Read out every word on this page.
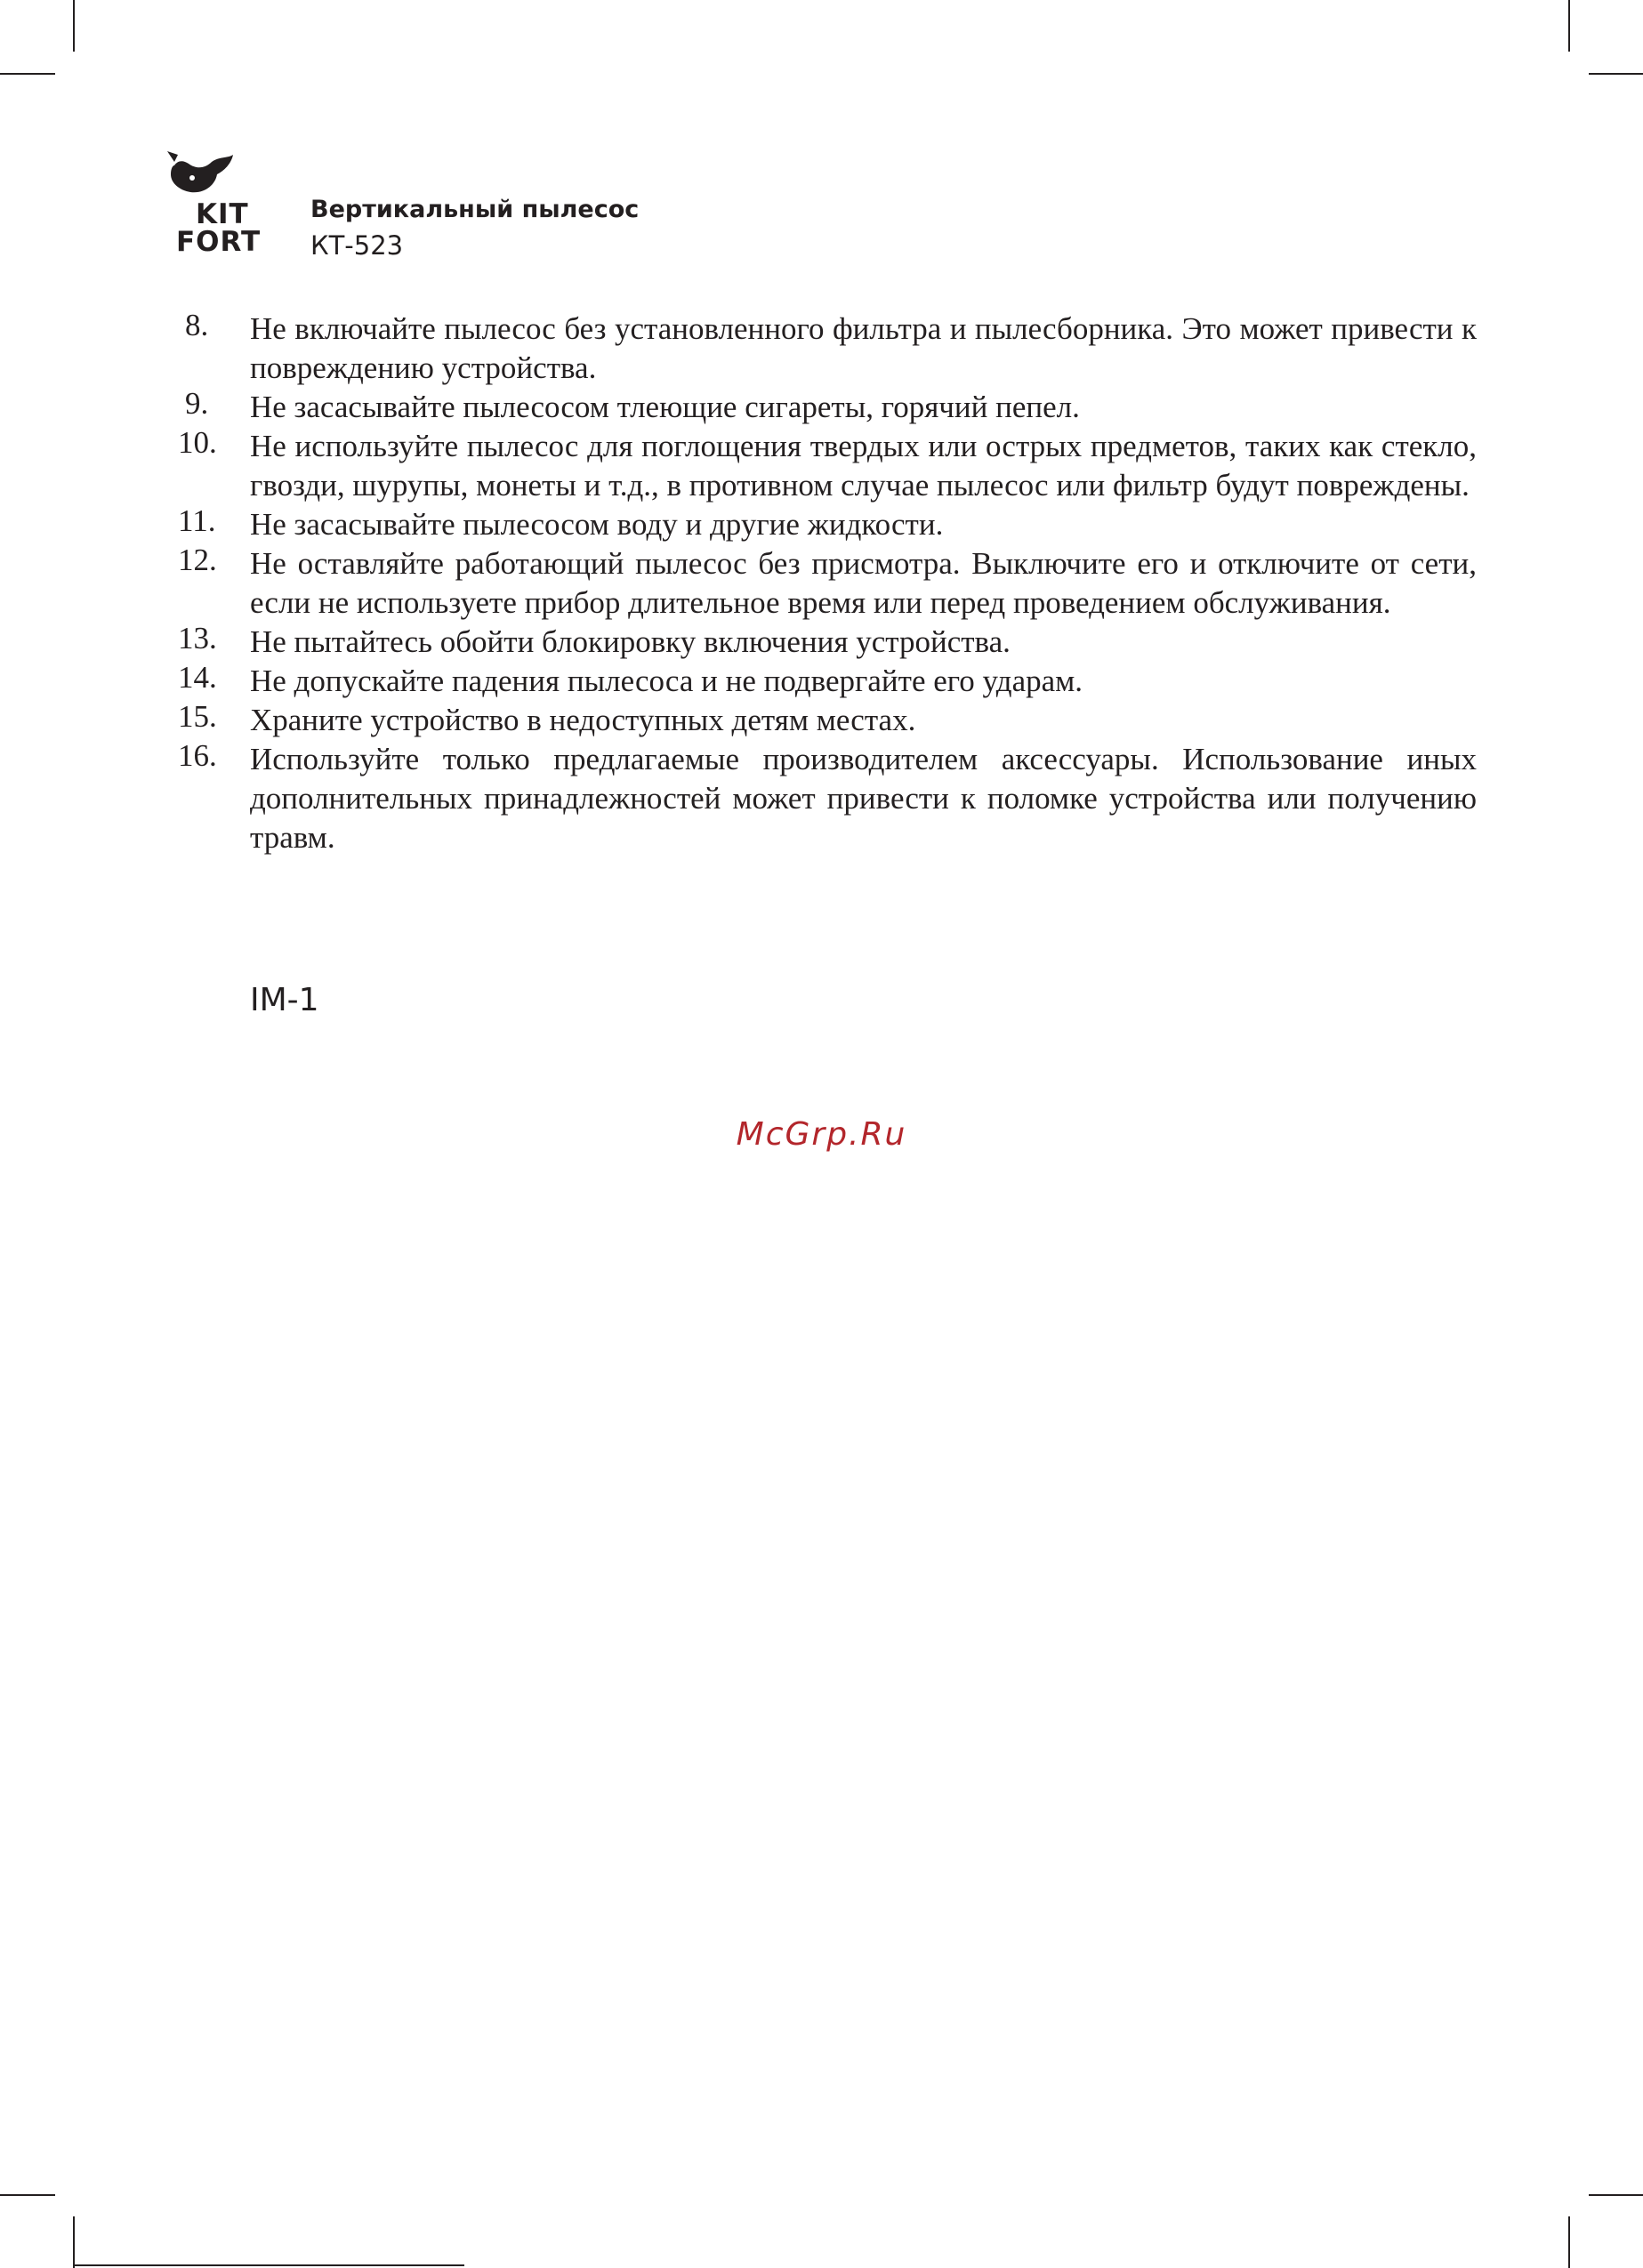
KIT
FORT
Вертикальный пылесос
КТ-523
8.	Не включайте пылесос без установленного фильтра и пылесборника. Это может привести к повреждению устройства.
9.	Не засасывайте пылесосом тлеющие сигареты, горячий пепел.
10.	Не используйте пылесос для поглощения твердых или острых предметов, таких как стекло, гвозди, шурупы, монеты и т.д., в противном случае пылесос или фильтр будут повреждены.
11.	Не засасывайте пылесосом воду и другие жидкости.
12.	Не оставляйте работающий пылесос без присмотра. Выключите его и отключите от сети, если не используете прибор длительное время или перед проведением обслуживания.
13.	Не пытайтесь обойти блокировку включения устройства.
14.	Не допускайте падения пылесоса и не подвергайте его ударам.
15.	Храните устройство в недоступных детям местах.
16.	Используйте только предлагаемые производителем аксессуары. Использование иных дополнительных принадлежностей может привести к поломке устройства или получению травм.
IM-1
McGrp.Ru
